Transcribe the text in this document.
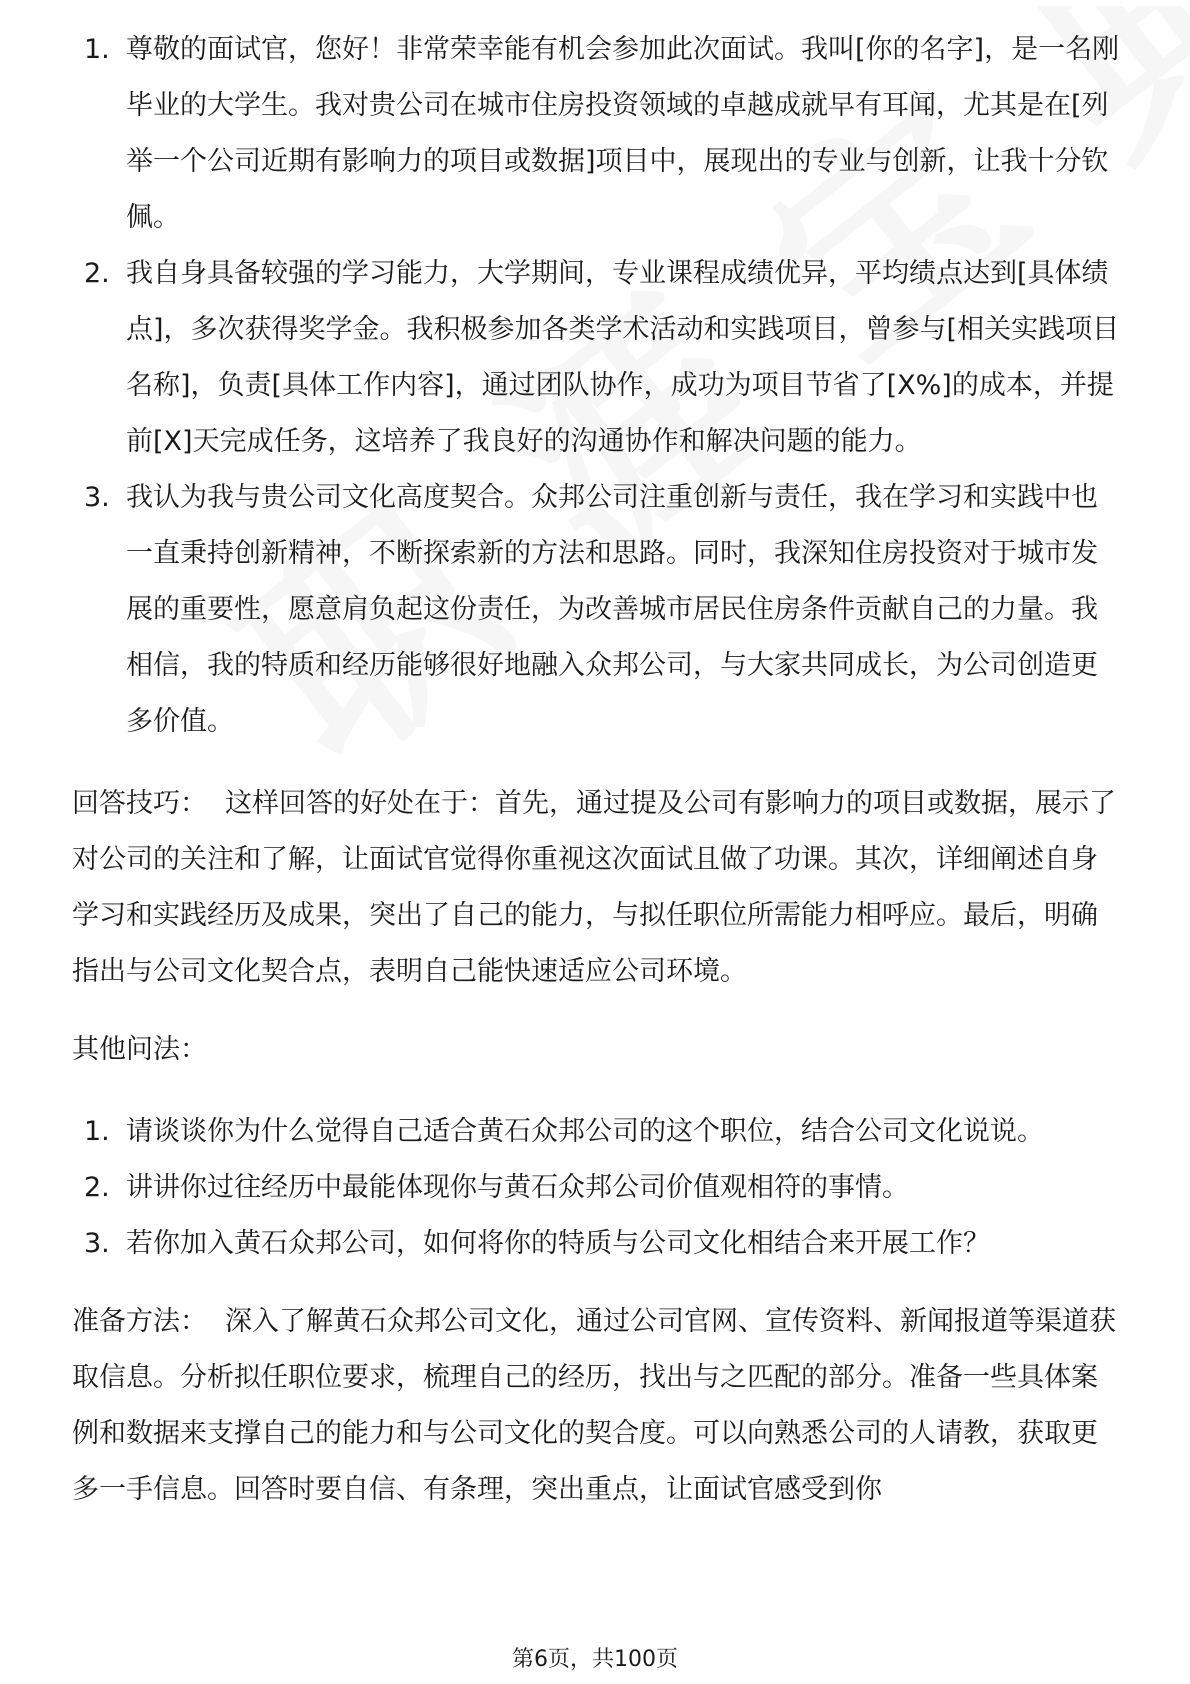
1. 尊敬的面试官，您好！非常荣幸能有机会参加此次面试。我叫[你的名字]，是一名刚毕业的大学生。我对贵公司在城市住房投资领域的卓越成就早有耳闻，尤其是在[列举一个公司近期有影响力的项目或数据]项目中，展现出的专业与创新，让我十分钦佩。
2. 我自身具备较强的学习能力，大学期间，专业课程成绩优异，平均绩点达到[具体绩点]，多次获得奖学金。我积极参加各类学术活动和实践项目，曾参与[相关实践项目名称]，负责[具体工作内容]，通过团队协作，成功为项目节省了[X%]的成本，并提前[X]天完成任务，这培养了我良好的沟通协作和解决问题的能力。
3. 我认为我与贵公司文化高度契合。众邦公司注重创新与责任，我在学习和实践中也一直秉持创新精神，不断探索新的方法和思路。同时，我深知住房投资对于城市发展的重要性，愿意肩负起这份责任，为改善城市居民住房条件贡献自己的力量。我相信，我的特质和经历能够很好地融入众邦公司，与大家共同成长，为公司创造更多价值。

回答技巧： 这样回答的好处在于：首先，通过提及公司有影响力的项目或数据，展示了对公司的关注和了解，让面试官觉得你重视这次面试且做了功课。其次，详细阐述自身学习和实践经历及成果，突出了自己的能力，与拟任职位所需能力相呼应。最后，明确指出与公司文化契合点，表明自己能快速适应公司环境。

其他问法：

1. 请谈谈你为什么觉得自己适合黄石众邦公司的这个职位，结合公司文化说说。
2. 讲讲你过往经历中最能体现你与黄石众邦公司价值观相符的事情。
3. 若你加入黄石众邦公司，如何将你的特质与公司文化相结合来开展工作？

准备方法： 深入了解黄石众邦公司文化，通过公司官网、宣传资料、新闻报道等渠道获取信息。分析拟任职位要求，梳理自己的经历，找出与之匹配的部分。准备一些具体案例和数据来支撑自己的能力和与公司文化的契合度。可以向熟悉公司的人请教，获取更多一手信息。回答时要自信、有条理，突出重点，让面试官感受到你

第6页，共100页
